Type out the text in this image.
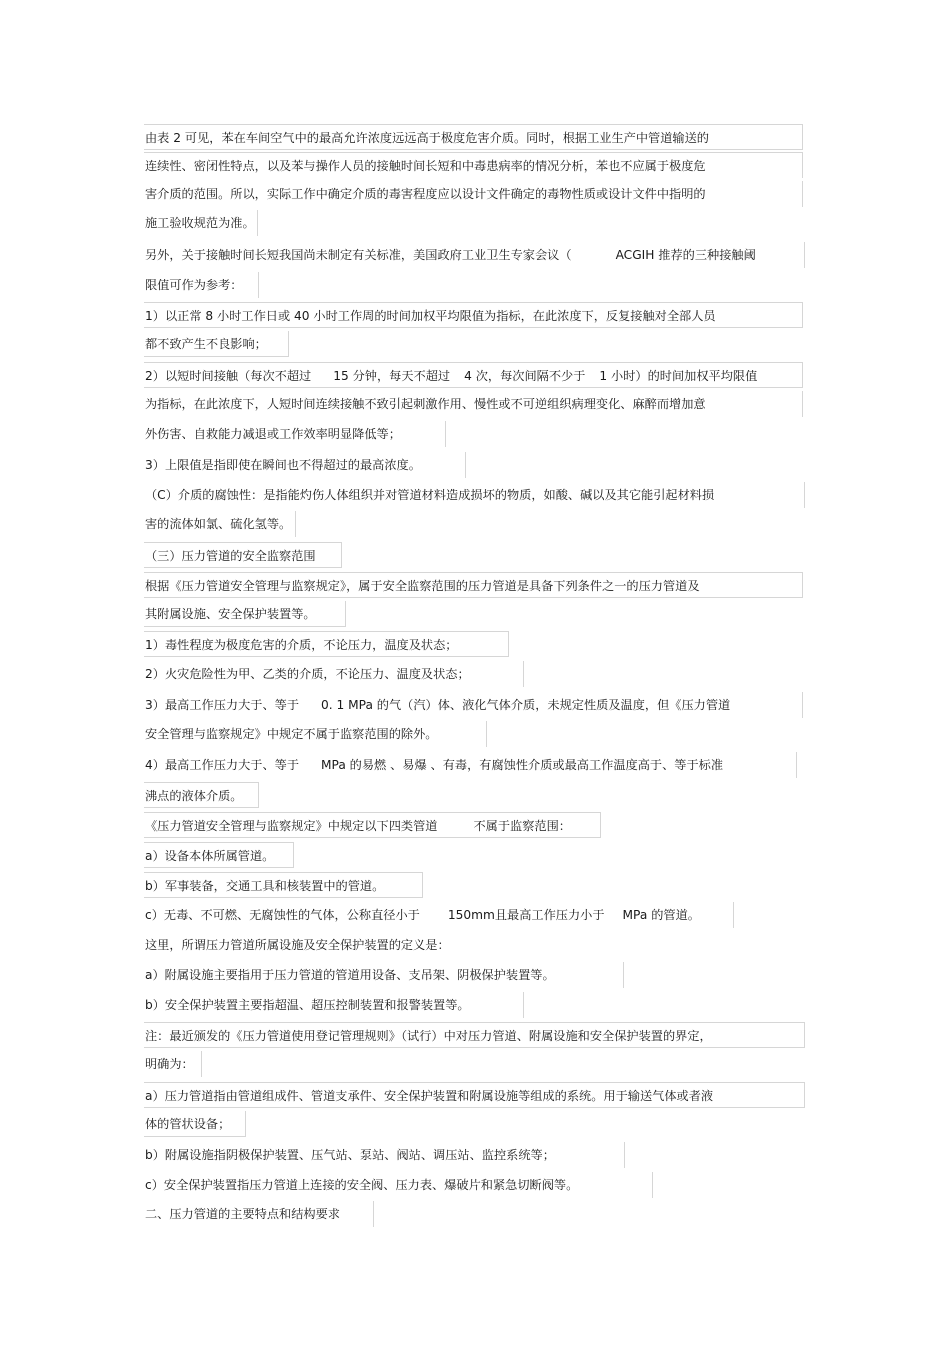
由表 2 可见，苯在车间空气中的最高允许浓度远远高于极度危害介质。同时，根据工业生产中管道输送的
连续性、密闭性特点，以及苯与操作人员的接触时间长短和中毒患病率的情况分析，苯也不应属于极度危
害介质的范围。所以，实际工作中确定介质的毒害程度应以设计文件确定的毒物性质或设计文件中指明的
施工验收规范为准。
另外，关于接触时间长短我国尚未制定有关标准，美国政府工业卫生专家会议（	ACGIH 推荐的三种接触阈
限值可作为参考：
1）以正常 8 小时工作日或 40 小时工作周的时间加权平均限值为指标，在此浓度下，反复接触对全部人员
都不致产生不良影响；
2）以短时间接触（每次不超过 15 分钟，每天不超过 4 次，每次间隔不少于 1 小时）的时间加权平均限值
为指标，在此浓度下，人短时间连续接触不致引起刺激作用、慢性或不可逆组织病理变化、麻醉而增加意
外伤害、自救能力减退或工作效率明显降低等；
3）上限值是指即使在瞬间也不得超过的最高浓度。
（C）介质的腐蚀性：是指能灼伤人体组织并对管道材料造成损坏的物质，如酸、碱以及其它能引起材料损
害的流体如氯、硫化氢等。
（三）压力管道的安全监察范围
根据《压力管道安全管理与监察规定》，属于安全监察范围的压力管道是具备下列条件之一的压力管道及
其附属设施、安全保护装置等。
1）毒性程度为极度危害的介质，不论压力，温度及状态；
2）火灾危险性为甲、乙类的介质，不论压力、温度及状态；
3）最高工作压力大于、等于 0. 1 MPa 的气（汽）体、液化气体介质，未规定性质及温度，但《压力管道
安全管理与监察规定》中规定不属于监察范围的除外。
4）最高工作压力大于、等于 MPa 的易燃 、易爆 、有毒，有腐蚀性介质或最高工作温度高于、等于标准
沸点的液体介质。
《压力管道安全管理与监察规定》中规定以下四类管道	不属于监察范围：
a）设备本体所属管道。
b）军事装备，交通工具和核装置中的管道。
c）无毒、不可燃、无腐蚀性的气体，公称直径小于 150mm且最高工作压力小于 MPa 的管道。
这里，所谓压力管道所属设施及安全保护装置的定义是：
a）附属设施主要指用于压力管道的管道用设备、支吊架、阴极保护装置等。
b）安全保护装置主要指超温、超压控制装置和报警装置等。
注：最近颁发的《压力管道使用登记管理规则》（试行）中对压力管道、附属设施和安全保护装置的界定，
明确为：
a）压力管道指由管道组成件、管道支承件、安全保护装置和附属设施等组成的系统。用于输送气体或者液
体的管状设备；
b）附属设施指阴极保护装置、压气站、泵站、阀站、调压站、监控系统等；
c）安全保护装置指压力管道上连接的安全阀、压力表、爆破片和紧急切断阀等。
二、压力管道的主要特点和结构要求
